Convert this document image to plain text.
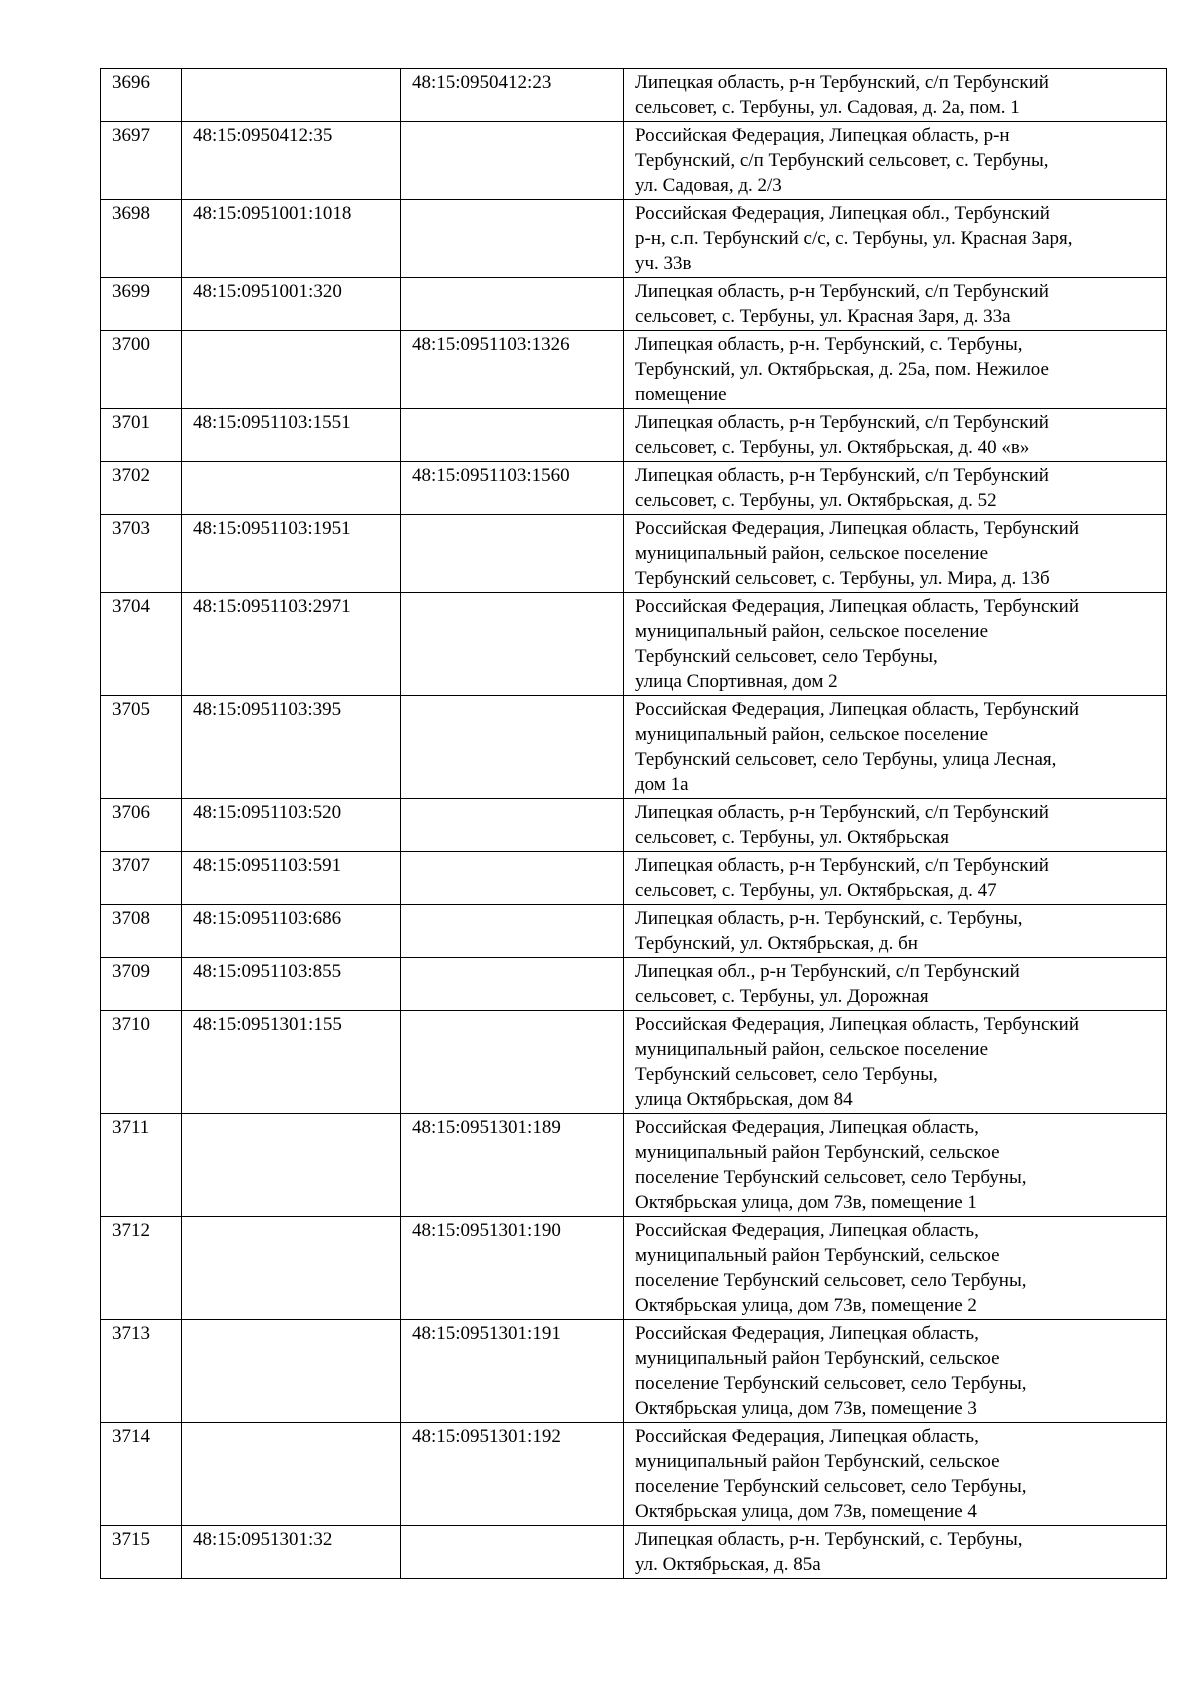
3696		48:15:0950412:23	Липецкая область, р-н Тербунский, с/п Тербунский
сельсовет, с. Тербуны, ул. Садовая, д. 2а, пом. 1

3697	48:15:0950412:35		Российская Федерация, Липецкая область, р-н
Тербунский, с/п Тербунский сельсовет, с. Тербуны,
ул. Садовая, д. 2/3

3698	48:15:0951001:1018		Российская Федерация, Липецкая обл., Тербунский
р-н, с.п. Тербунский с/с, с. Тербуны, ул. Красная Заря,
уч. 33в

3699	48:15:0951001:320		Липецкая область, р-н Тербунский, с/п Тербунский
сельсовет, с. Тербуны, ул. Красная Заря, д. 33а

3700		48:15:0951103:1326	Липецкая область, р-н. Тербунский, с. Тербуны,
Тербунский, ул. Октябрьская, д. 25а, пом. Нежилое
помещение

3701	48:15:0951103:1551		Липецкая область, р-н Тербунский, с/п Тербунский
сельсовет, с. Тербуны, ул. Октябрьская, д. 40 «в»

3702		48:15:0951103:1560	Липецкая область, р-н Тербунский, с/п Тербунский
сельсовет, с. Тербуны, ул. Октябрьская, д. 52

3703	48:15:0951103:1951		Российская Федерация, Липецкая область, Тербунский
муниципальный район, сельское поселение
Тербунский сельсовет, с. Тербуны, ул. Мира, д. 13б

3704	48:15:0951103:2971		Российская Федерация, Липецкая область, Тербунский
муниципальный район, сельское поселение
Тербунский сельсовет, село Тербуны,
улица Спортивная, дом 2

3705	48:15:0951103:395		Российская Федерация, Липецкая область, Тербунский
муниципальный район, сельское поселение
Тербунский сельсовет, село Тербуны, улица Лесная,
дом 1а

3706	48:15:0951103:520		Липецкая область, р-н Тербунский, с/п Тербунский
сельсовет, с. Тербуны, ул. Октябрьская

3707	48:15:0951103:591		Липецкая область, р-н Тербунский, с/п Тербунский
сельсовет, с. Тербуны, ул. Октябрьская, д. 47

3708	48:15:0951103:686		Липецкая область, р-н. Тербунский, с. Тербуны,
Тербунский, ул. Октябрьская, д. бн

3709	48:15:0951103:855		Липецкая обл., р-н Тербунский, с/п Тербунский
сельсовет, с. Тербуны, ул. Дорожная

3710	48:15:0951301:155		Российская Федерация, Липецкая область, Тербунский
муниципальный район, сельское поселение
Тербунский сельсовет, село Тербуны,
улица Октябрьская, дом 84

3711		48:15:0951301:189	Российская Федерация, Липецкая область,
муниципальный район Тербунский, сельское
поселение Тербунский сельсовет, село Тербуны,
Октябрьская улица, дом 73в, помещение 1

3712		48:15:0951301:190	Российская Федерация, Липецкая область,
муниципальный район Тербунский, сельское
поселение Тербунский сельсовет, село Тербуны,
Октябрьская улица, дом 73в, помещение 2

3713		48:15:0951301:191	Российская Федерация, Липецкая область,
муниципальный район Тербунский, сельское
поселение Тербунский сельсовет, село Тербуны,
Октябрьская улица, дом 73в, помещение 3

3714		48:15:0951301:192	Российская Федерация, Липецкая область,
муниципальный район Тербунский, сельское
поселение Тербунский сельсовет, село Тербуны,
Октябрьская улица, дом 73в, помещение 4

3715	48:15:0951301:32		Липецкая область, р-н. Тербунский, с. Тербуны,
ул. Октябрьская, д. 85а
